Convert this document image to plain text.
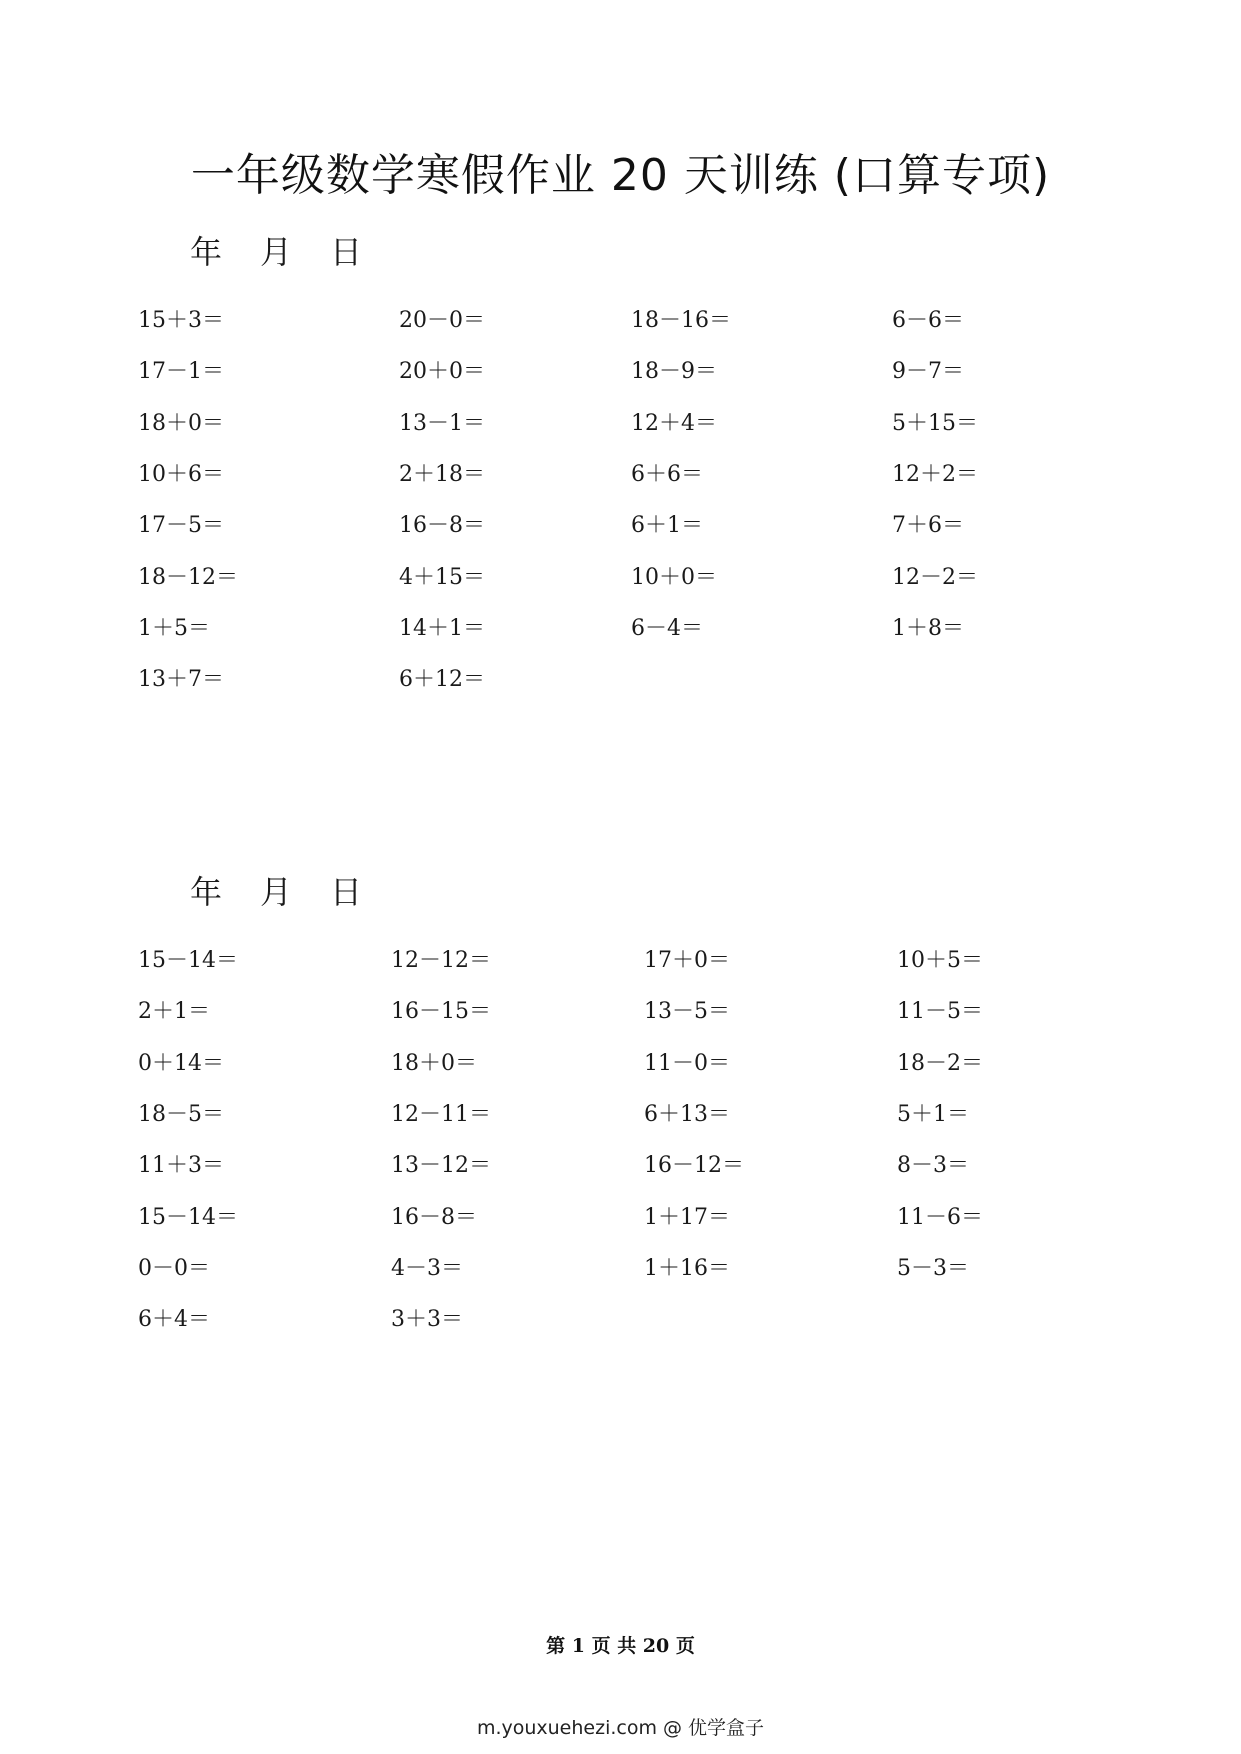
一年级数学寒假作业 20 天训练 (口算专项)
年 月 日
15＋3＝	20－0＝	18－16＝	6－6＝
17－1＝	20＋0＝	18－9＝	9－7＝
18＋0＝	13－1＝	12＋4＝	5＋15＝
10＋6＝	2＋18＝	6＋6＝	12＋2＝
17－5＝	16－8＝	6＋1＝	7＋6＝
18－12＝	4＋15＝	10＋0＝	12－2＝
1＋5＝	14＋1＝	6－4＝	1＋8＝
13＋7＝	6＋12＝
年 月 日
15－14＝	12－12＝	17＋0＝	10＋5＝
2＋1＝	16－15＝	13－5＝	11－5＝
0＋14＝	18＋0＝	11－0＝	18－2＝
18－5＝	12－11＝	6＋13＝	5＋1＝
11＋3＝	13－12＝	16－12＝	8－3＝
15－14＝	16－8＝	1＋17＝	11－6＝
0－0＝	4－3＝	1＋16＝	5－3＝
6＋4＝	3＋3＝
第 1 页 共 20 页
m.youxuehezi.com @ 优学盒子
